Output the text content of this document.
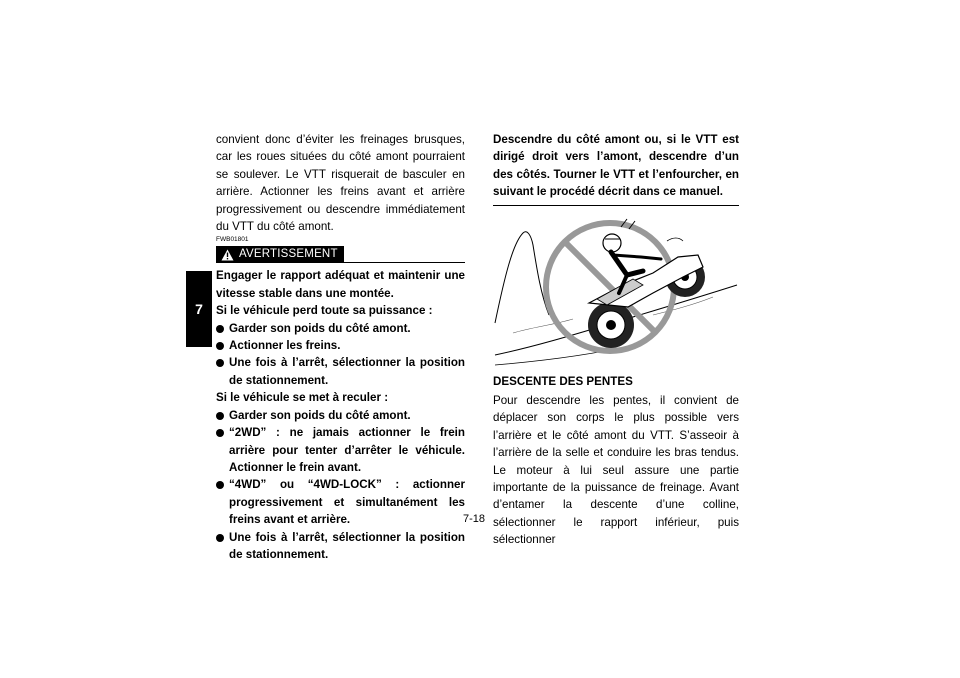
7

convient donc d’éviter les freinages brusques, car les roues situées du côté amont pourraient se soulever. Le VTT risquerait de basculer en arrière. Actionner les freins avant et arrière progressivement ou descendre immédiatement du VTT du côté amont.

FWB01801
AVERTISSEMENT

Engager le rapport adéquat et maintenir une vitesse stable dans une montée.

Si le véhicule perd toute sa puissance :

Garder son poids du côté amont.
Actionner les freins.
Une fois à l’arrêt, sélectionner la position de stationnement.

Si le véhicule se met à reculer :

Garder son poids du côté amont.
“2WD” : ne jamais actionner le frein arrière pour tenter d’arrêter le véhicule. Actionner le frein avant.
“4WD” ou “4WD-LOCK” : actionner progressivement et simultanément les freins avant et arrière.
Une fois à l’arrêt, sélectionner la position de stationnement.

Descendre du côté amont ou, si le VTT est dirigé droit vers l’amont, descendre d’un des côtés. Tourner le VTT et l’enfourcher, en suivant le procédé décrit dans ce manuel.

DESCENTE DES PENTES

Pour descendre les pentes, il convient de déplacer son corps le plus possible vers l’arrière et le côté amont du VTT. S’asseoir à l’arrière de la selle et conduire les bras tendus. Le moteur à lui seul assure une partie importante de la puissance de freinage. Avant d’entamer la descente d’une colline, sélectionner le rapport inférieur, puis sélectionner

7-18
